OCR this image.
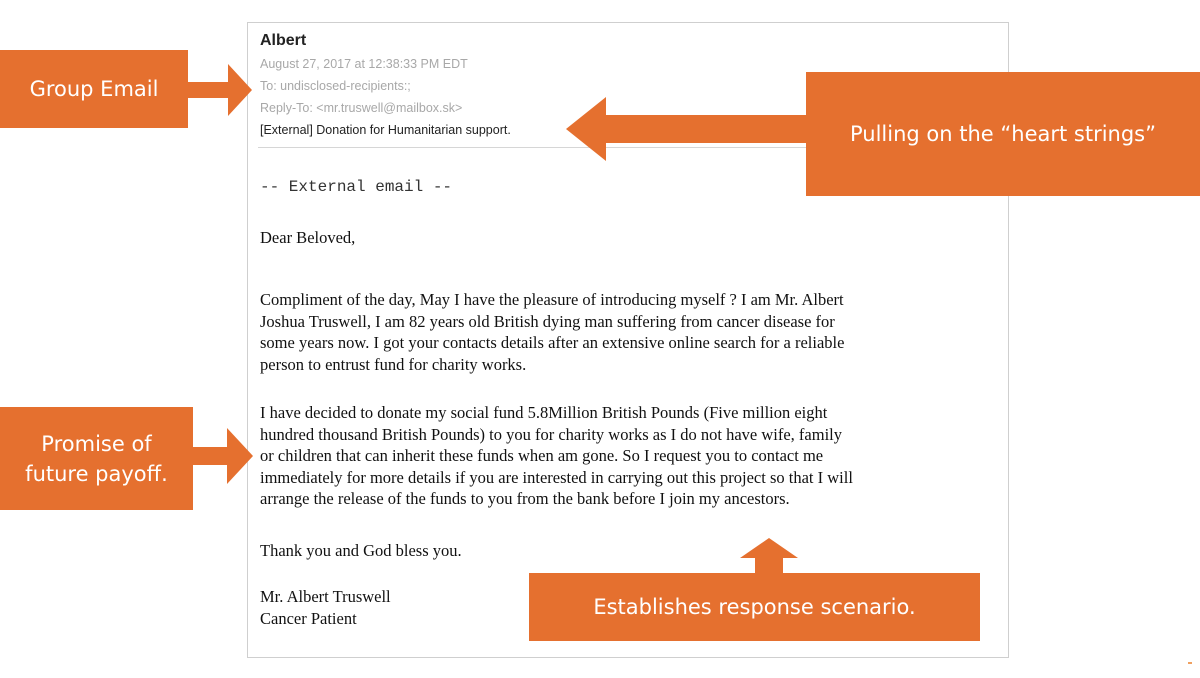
Albert
August 27, 2017 at 12:38:33 PM EDT
To: undisclosed-recipients:;
Reply-To: <mr.truswell@mailbox.sk>
[External] Donation for Humanitarian support.
-- External email --
Dear Beloved,
Compliment of the day, May I have the pleasure of introducing myself ? I am Mr. Albert
Joshua Truswell, I am 82 years old British dying man suffering from cancer disease for
some years now. I got your contacts details after an extensive online search for a reliable
person to entrust fund for charity works.
I have decided to donate my social fund 5.8Million British Pounds (Five million eight
hundred thousand British Pounds) to you for charity works as I do not have wife, family
or children that can inherit these funds when am gone. So I request you to contact me
immediately for more details if you are interested in carrying out this project so that I will
arrange the release of the funds to you from the bank before I join my ancestors.
Thank you and God bless you.
Mr. Albert Truswell
Cancer Patient
Group Email
Pulling on the “heart strings”
Promise of
future payoff.
Establishes response scenario.
